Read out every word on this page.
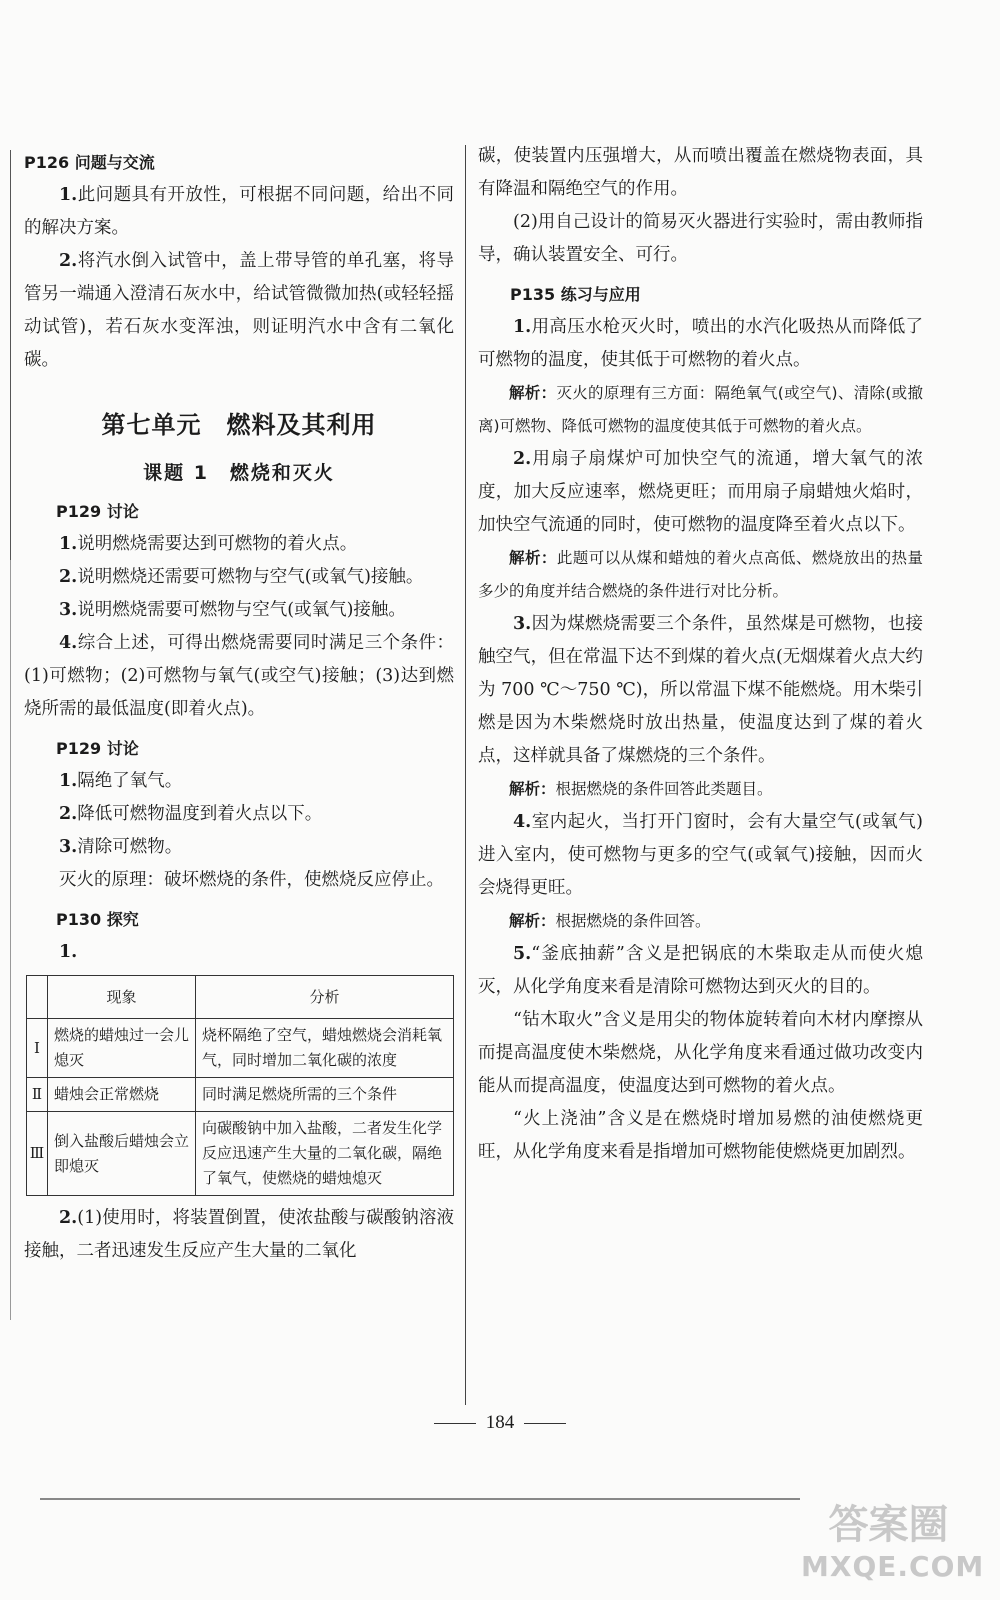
P126 问题与交流

1.此问题具有开放性，可根据不同问题，给出不同的解决方案。

2.将汽水倒入试管中，盖上带导管的单孔塞，将导管另一端通入澄清石灰水中，给试管微微加热(或轻轻摇动试管)，若石灰水变浑浊，则证明汽水中含有二氧化碳。

第七单元　燃料及其利用
课题 1　燃烧和灭火

P129 讨论

1.说明燃烧需要达到可燃物的着火点。

2.说明燃烧还需要可燃物与空气(或氧气)接触。

3.说明燃烧需要可燃物与空气(或氧气)接触。

4.综合上述，可得出燃烧需要同时满足三个条件：(1)可燃物；(2)可燃物与氧气(或空气)接触；(3)达到燃烧所需的最低温度(即着火点)。

P129 讨论

1.隔绝了氧气。

2.降低可燃物温度到着火点以下。

3.清除可燃物。

灭火的原理：破坏燃烧的条件，使燃烧反应停止。

P130 探究

1.

	现象	分析
Ⅰ	燃烧的蜡烛过一会儿熄灭	烧杯隔绝了空气，蜡烛燃烧会消耗氧气，同时增加二氧化碳的浓度
Ⅱ	蜡烛会正常燃烧	同时满足燃烧所需的三个条件
Ⅲ	倒入盐酸后蜡烛会立即熄灭	向碳酸钠中加入盐酸，二者发生化学反应迅速产生大量的二氧化碳，隔绝了氧气，使燃烧的蜡烛熄灭

2.(1)使用时，将装置倒置，使浓盐酸与碳酸钠溶液接触，二者迅速发生反应产生大量的二氧化

碳，使装置内压强增大，从而喷出覆盖在燃烧物表面，具有降温和隔绝空气的作用。

(2)用自己设计的简易灭火器进行实验时，需由教师指导，确认装置安全、可行。

P135 练习与应用

1.用高压水枪灭火时，喷出的水汽化吸热从而降低了可燃物的温度，使其低于可燃物的着火点。

解析：灭火的原理有三方面：隔绝氧气(或空气)、清除(或撤离)可燃物、降低可燃物的温度使其低于可燃物的着火点。

2.用扇子扇煤炉可加快空气的流通，增大氧气的浓度，加大反应速率，燃烧更旺；而用扇子扇蜡烛火焰时，加快空气流通的同时，使可燃物的温度降至着火点以下。

解析：此题可以从煤和蜡烛的着火点高低、燃烧放出的热量多少的角度并结合燃烧的条件进行对比分析。

3.因为煤燃烧需要三个条件，虽然煤是可燃物，也接触空气，但在常温下达不到煤的着火点(无烟煤着火点大约为 700 ℃～750 ℃)，所以常温下煤不能燃烧。用木柴引燃是因为木柴燃烧时放出热量，使温度达到了煤的着火点，这样就具备了煤燃烧的三个条件。

解析：根据燃烧的条件回答此类题目。

4.室内起火，当打开门窗时，会有大量空气(或氧气)进入室内，使可燃物与更多的空气(或氧气)接触，因而火会烧得更旺。

解析：根据燃烧的条件回答。

5.“釜底抽薪”含义是把锅底的木柴取走从而使火熄灭，从化学角度来看是清除可燃物达到灭火的目的。

“钻木取火”含义是用尖的物体旋转着向木材内摩擦从而提高温度使木柴燃烧，从化学角度来看通过做功改变内能从而提高温度，使温度达到可燃物的着火点。

“火上浇油”含义是在燃烧时增加易燃的油使燃烧更旺，从化学角度来看是指增加可燃物能使燃烧更加剧烈。

184
答案圈
MXQE.COM
